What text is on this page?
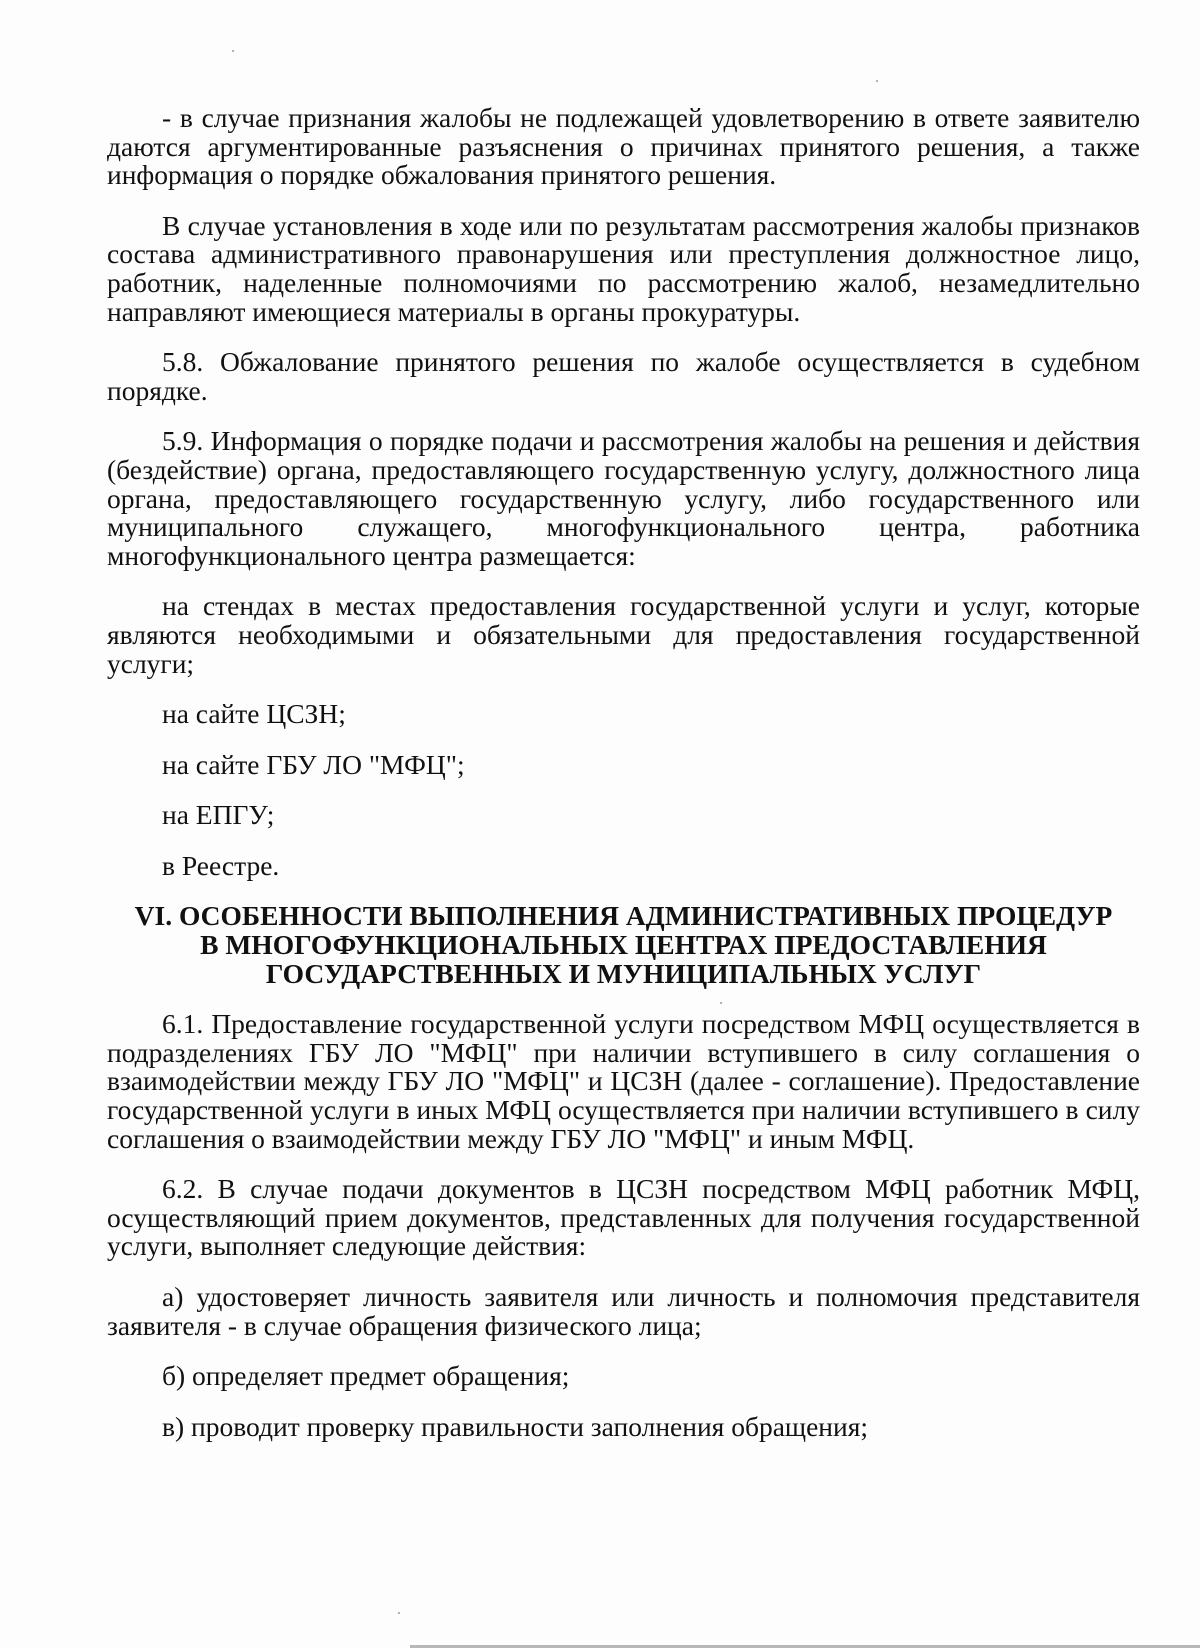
- в случае признания жалобы не подлежащей удовлетворению в ответе заявителю даются аргументированные разъяснения о причинах принятого решения, а также информация о порядке обжалования принятого решения.

В случае установления в ходе или по результатам рассмотрения жалобы признаков состава административного правонарушения или преступления должностное лицо, работник, наделенные полномочиями по рассмотрению жалоб, незамедлительно направляют имеющиеся материалы в органы прокуратуры.

5.8. Обжалование принятого решения по жалобе осуществляется в судебном порядке.

5.9. Информация о порядке подачи и рассмотрения жалобы на решения и действия (бездействие) органа, предоставляющего государственную услугу, должностного лица органа, предоставляющего государственную услугу, либо государственного или муниципального служащего, многофункционального центра, работника многофункционального центра размещается:

на стендах в местах предоставления государственной услуги и услуг, которые являются необходимыми и обязательными для предоставления государственной услуги;

на сайте ЦСЗН;

на сайте ГБУ ЛО "МФЦ";

на ЕПГУ;

в Реестре.

VI. ОСОБЕННОСТИ ВЫПОЛНЕНИЯ АДМИНИСТРАТИВНЫХ ПРОЦЕДУР
В МНОГОФУНКЦИОНАЛЬНЫХ ЦЕНТРАХ ПРЕДОСТАВЛЕНИЯ
ГОСУДАРСТВЕННЫХ И МУНИЦИПАЛЬНЫХ УСЛУГ

6.1. Предоставление государственной услуги посредством МФЦ осуществляется в подразделениях ГБУ ЛО "МФЦ" при наличии вступившего в силу соглашения о взаимодействии между ГБУ ЛО "МФЦ" и ЦСЗН (далее - соглашение). Предоставление государственной услуги в иных МФЦ осуществляется при наличии вступившего в силу соглашения о взаимодействии между ГБУ ЛО "МФЦ" и иным МФЦ.

6.2. В случае подачи документов в ЦСЗН посредством МФЦ работник МФЦ, осуществляющий прием документов, представленных для получения государственной услуги, выполняет следующие действия:

а) удостоверяет личность заявителя или личность и полномочия представителя заявителя - в случае обращения физического лица;

б) определяет предмет обращения;

в) проводит проверку правильности заполнения обращения;
